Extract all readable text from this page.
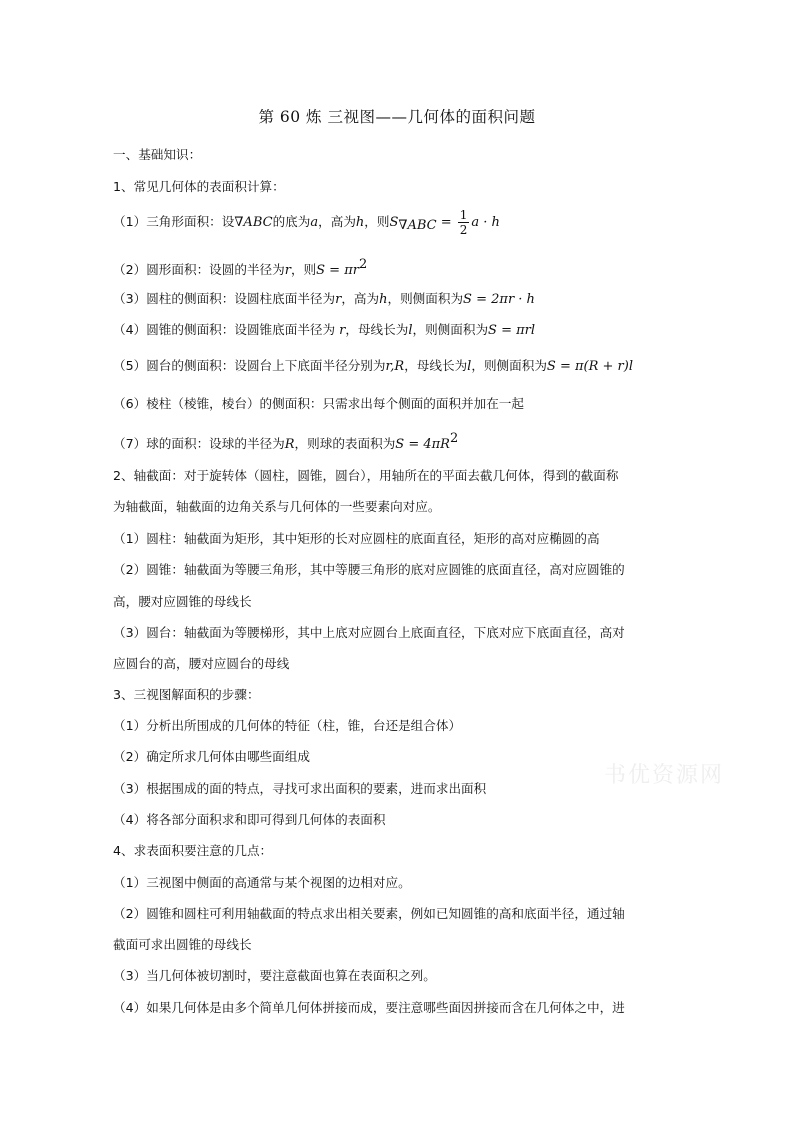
第 60 炼 三视图——几何体的面积问题
一、基础知识：
1、常见几何体的表面积计算：
（1）三角形面积：设∇ABC的底为a，高为h，则$S_{\nabla ABC} = \frac{1}{2}$ a · h
（2）圆形面积：设圆的半径为r，则$S = \pi r^2$
（3）圆柱的侧面积：设圆柱底面半径为r，高为h，则侧面积为S = 2πr · h
（4）圆锥的侧面积：设圆锥底面半径为 r，母线长为l，则侧面积为S = πrl
（5）圆台的侧面积：设圆台上下底面半径分别为r,R，母线长为l，则侧面积为S = π(R + r)l
（6）棱柱（棱锥，棱台）的侧面积：只需求出每个侧面的面积并加在一起
（7）球的面积：设球的半径为R，则球的表面积为$S = 4\pi R^2$
2、轴截面：对于旋转体（圆柱，圆锥，圆台），用轴所在的平面去截几何体，得到的截面称
为轴截面，轴截面的边角关系与几何体的一些要素向对应。
（1）圆柱：轴截面为矩形，其中矩形的长对应圆柱的底面直径，矩形的高对应椭圆的高
（2）圆锥：轴截面为等腰三角形，其中等腰三角形的底对应圆锥的底面直径，高对应圆锥的
高，腰对应圆锥的母线长
（3）圆台：轴截面为等腰梯形，其中上底对应圆台上底面直径，下底对应下底面直径，高对
应圆台的高，腰对应圆台的母线
3、三视图解面积的步骤：
（1）分析出所围成的几何体的特征（柱，锥，台还是组合体）
（2）确定所求几何体由哪些面组成
（3）根据围成的面的特点，寻找可求出面积的要素，进而求出面积
（4）将各部分面积求和即可得到几何体的表面积
4、求表面积要注意的几点：
（1）三视图中侧面的高通常与某个视图的边相对应。
（2）圆锥和圆柱可利用轴截面的特点求出相关要素，例如已知圆锥的高和底面半径，通过轴
截面可求出圆锥的母线长
（3）当几何体被切割时，要注意截面也算在表面积之列。
（4）如果几何体是由多个简单几何体拼接而成，要注意哪些面因拼接而含在几何体之中，进
书优资源网
